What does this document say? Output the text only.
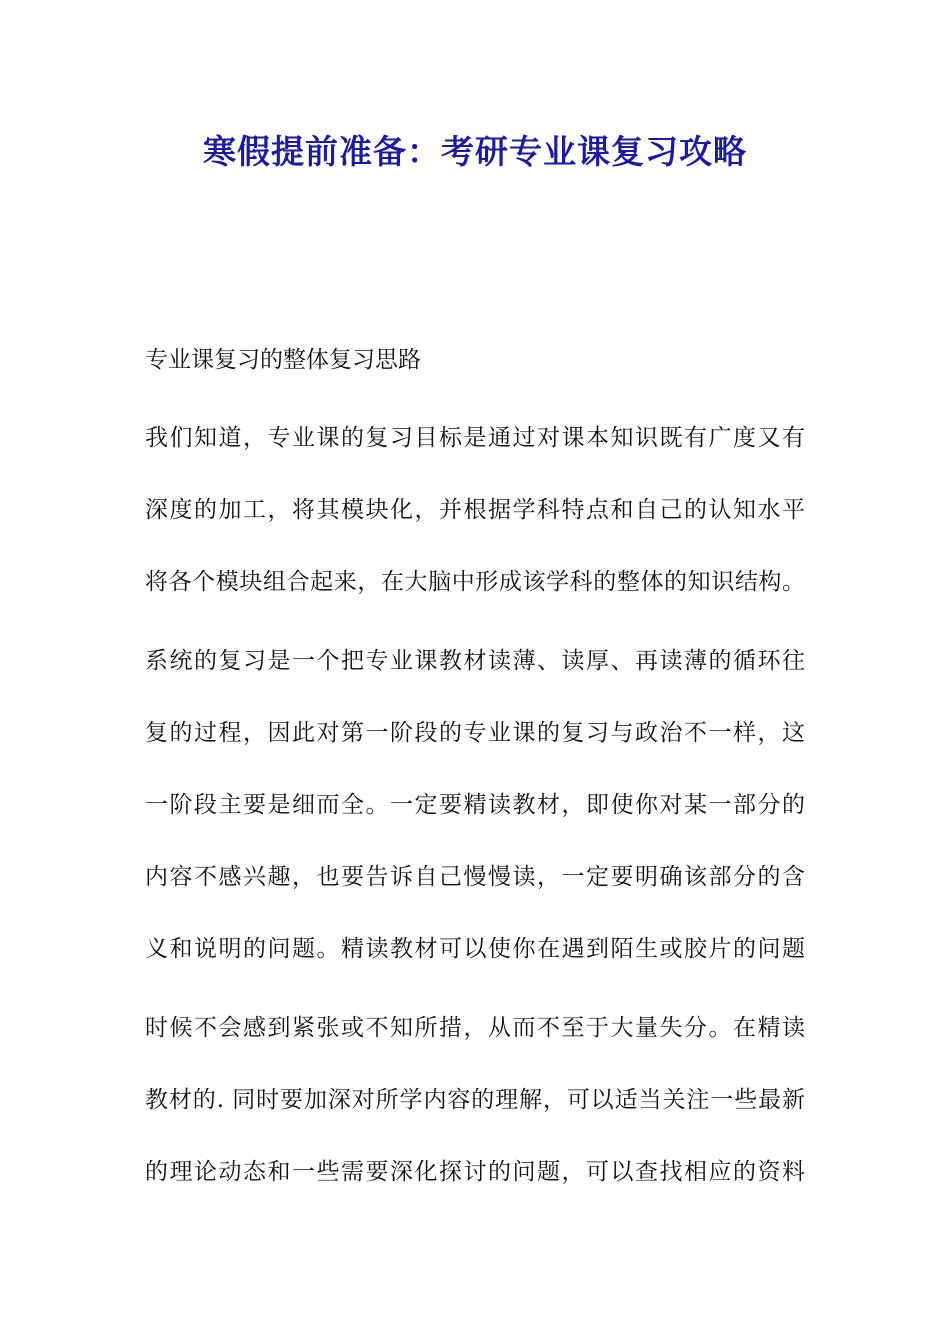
寒假提前准备：考研专业课复习攻略

专业课复习的整体复习思路

我们知道，专业课的复习目标是通过对课本知识既有广度又有

深度的加工，将其模块化，并根据学科特点和自己的认知水平

将各个模块组合起来，在大脑中形成该学科的整体的知识结构。

系统的复习是一个把专业课教材读薄、读厚、再读薄的循环往

复的过程，因此对第一阶段的专业课的复习与政治不一样，这

一阶段主要是细而全。一定要精读教材，即使你对某一部分的

内容不感兴趣，也要告诉自己慢慢读，一定要明确该部分的含

义和说明的问题。精读教材可以使你在遇到陌生或胶片的问题

时候不会感到紧张或不知所措，从而不至于大量失分。在精读

教材的. 同时要加深对所学内容的理解，可以适当关注一些最新

的理论动态和一些需要深化探讨的问题，可以查找相应的资料
